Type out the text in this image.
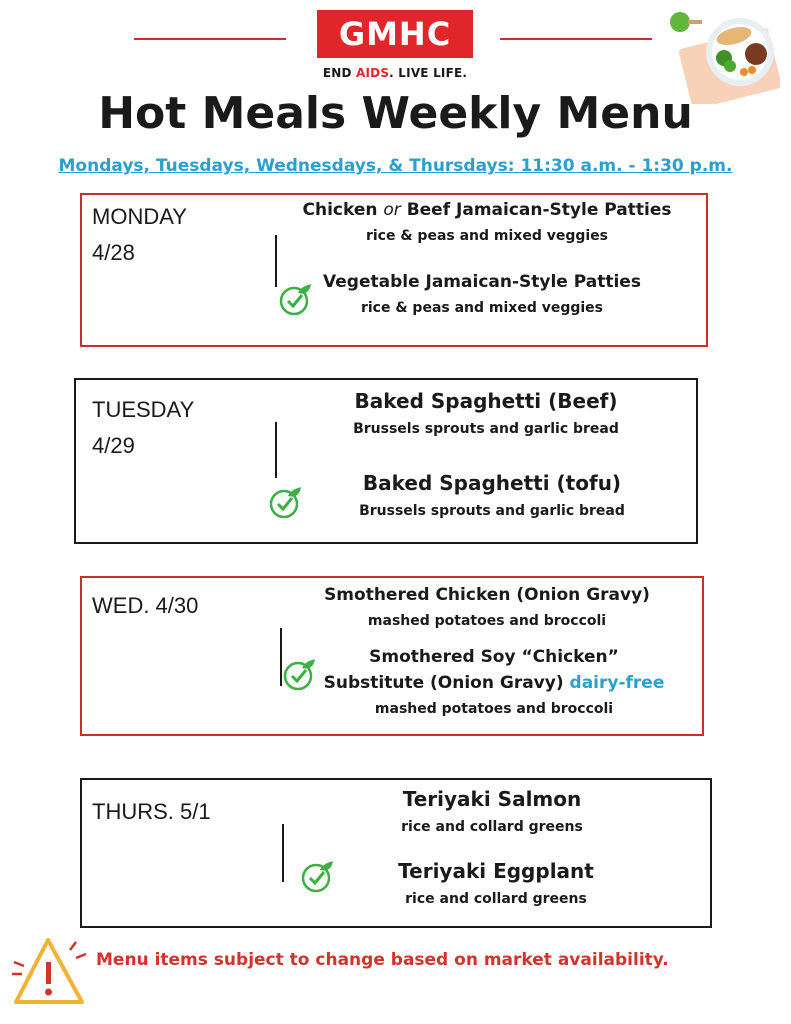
GMHC
END AIDS. LIVE LIFE.
Hot Meals Weekly Menu
Mondays, Tuesdays, Wednesdays, & Thursdays: 11:30 a.m. - 1:30 p.m.
MONDAY
4/28
Chicken or Beef Jamaican-Style Patties
rice & peas and mixed veggies
Vegetable Jamaican-Style Patties
rice & peas and mixed veggies
TUESDAY
4/29
Baked Spaghetti (Beef)
Brussels sprouts and garlic bread
Baked Spaghetti (tofu)
Brussels sprouts and garlic bread
WED. 4/30	Smothered Chicken (Onion Gravy)
mashed potatoes and broccoli
Smothered Soy “Chicken”
Substitute (Onion Gravy) dairy-free
mashed potatoes and broccoli
THURS. 5/1	Teriyaki Salmon
rice and collard greens
Teriyaki Eggplant
rice and collard greens
Menu items subject to change based on market availability.
